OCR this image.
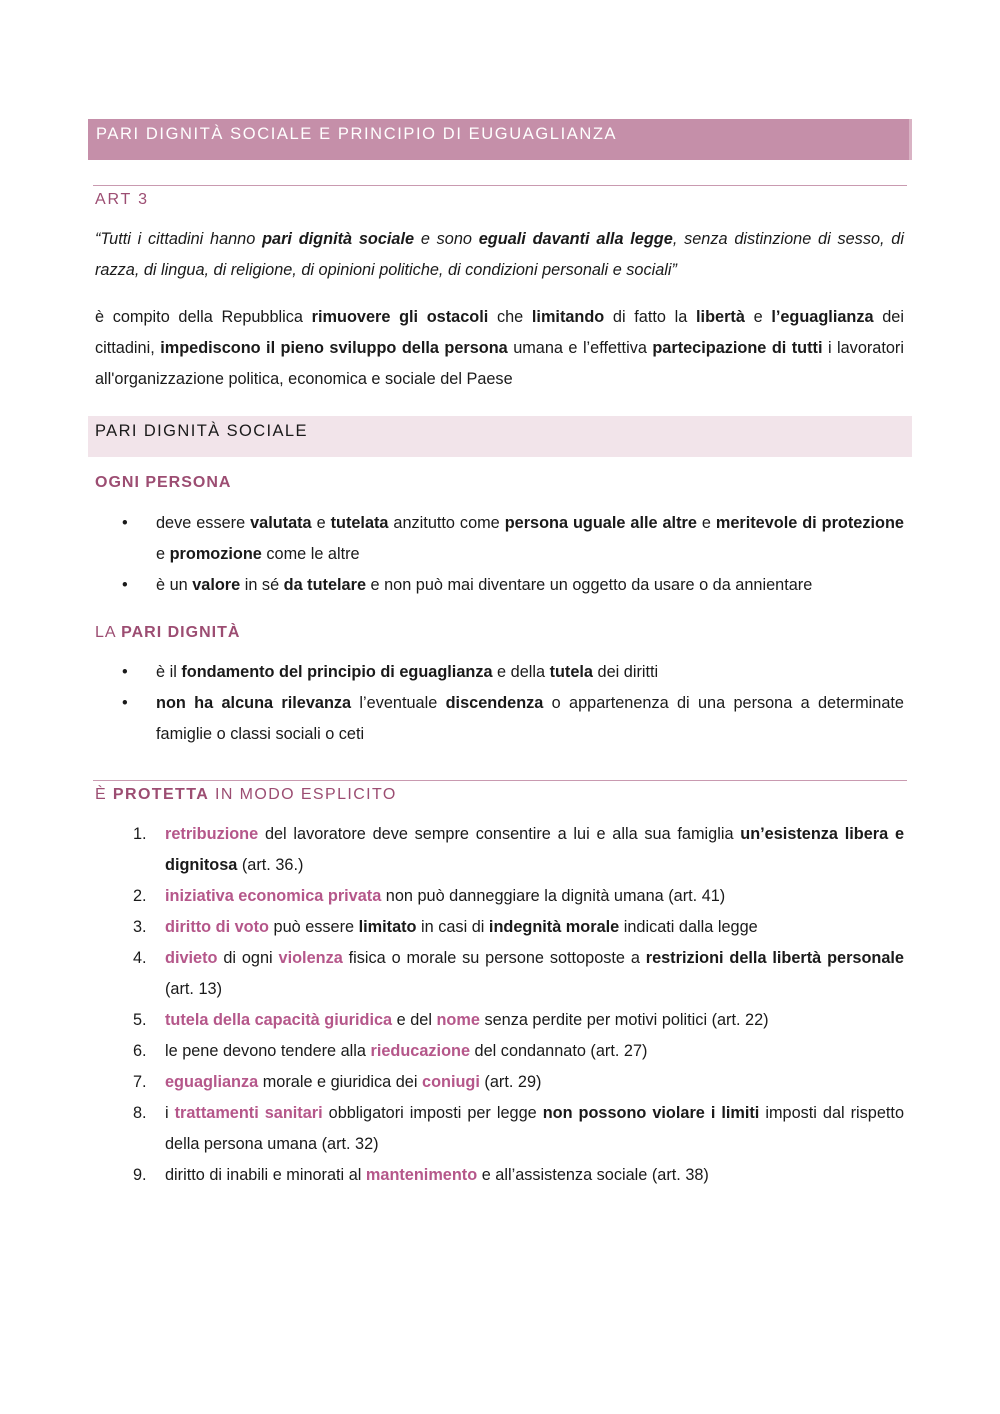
PARI DIGNITÀ SOCIALE E PRINCIPIO DI EUGUAGLIANZA
ART 3

“Tutti i cittadini hanno pari dignità sociale e sono eguali davanti alla legge, senza distinzione di sesso, di razza, di lingua, di religione, di opinioni politiche, di condizioni personali e sociali”

è compito della Repubblica rimuovere gli ostacoli che limitando di fatto la libertà e l’eguaglianza dei cittadini, impediscono il pieno sviluppo della persona umana e l’effettiva partecipazione di tutti i lavoratori all'organizzazione politica, economica e sociale del Paese

PARI DIGNITÀ SOCIALE
OGNI PERSONA
• deve essere valutata e tutelata anzitutto come persona uguale alle altre e meritevole di protezione e promozione come le altre
• è un valore in sé da tutelare e non può mai diventare un oggetto da usare o da annientare
LA PARI DIGNITÀ
• è il fondamento del principio di eguaglianza e della tutela dei diritti
• non ha alcuna rilevanza l’eventuale discendenza o appartenenza di una persona a determinate famiglie o classi sociali o ceti
È PROTETTA IN MODO ESPLICITO
1. retribuzione del lavoratore deve sempre consentire a lui e alla sua famiglia un’esistenza libera e dignitosa (art. 36.)
2. iniziativa economica privata non può danneggiare la dignità umana (art. 41)
3. diritto di voto può essere limitato in casi di indegnità morale indicati dalla legge
4. divieto di ogni violenza fisica o morale su persone sottoposte a restrizioni della libertà personale (art. 13)
5. tutela della capacità giuridica e del nome senza perdite per motivi politici (art. 22)
6. le pene devono tendere alla rieducazione del condannato (art. 27)
7. eguaglianza morale e giuridica dei coniugi (art. 29)
8. i trattamenti sanitari obbligatori imposti per legge non possono violare i limiti imposti dal rispetto della persona umana (art. 32)
9. diritto di inabili e minorati al mantenimento e all’assistenza sociale (art. 38)
